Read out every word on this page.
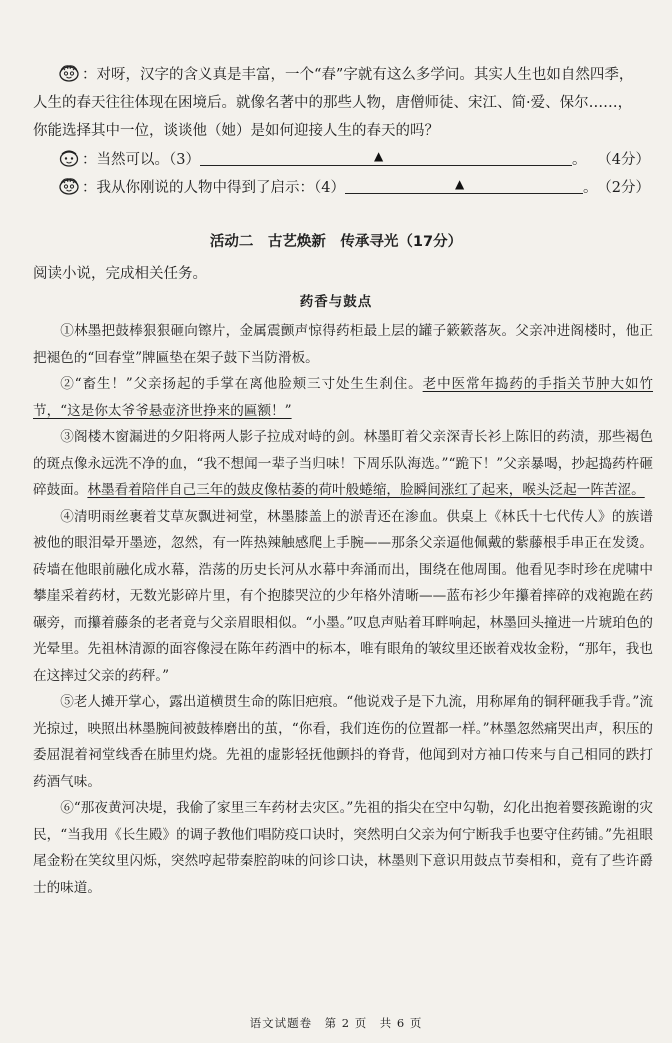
：对呀，汉字的含义真是丰富，一个“春”字就有这么多学问。其实人生也如自然四季，
人生的春天往往体现在困境后。就像名著中的那些人物，唐僧师徒、宋江、简·爱、保尔……，
你能选择其中一位，谈谈他（她）是如何迎接人生的春天的吗？
：当然可以。（3）	▲	。 （4分）
：我从你刚说的人物中得到了启示：（4）	▲	。 （2分）
活动二　古艺焕新　传承寻光（17分）
阅读小说，完成相关任务。
药香与鼓点

①林墨把鼓棒狠狠砸向镲片，金属震颤声惊得药柜最上层的罐子簌簌落灰。父亲冲进阁楼时，他正把褪色的“回春堂”牌匾垫在架子鼓下当防滑板。

②“畜生！”父亲扬起的手掌在离他脸颊三寸处生生刹住。老中医常年捣药的手指关节肿大如竹节，“这是你太爷爷悬壶济世挣来的匾额！”

③阁楼木窗漏进的夕阳将两人影子拉成对峙的剑。林墨盯着父亲深青长衫上陈旧的药渍，那些褐色的斑点像永远洗不净的血，“我不想闻一辈子当归味！下周乐队海选。”“跪下！”父亲暴喝，抄起捣药杵砸碎鼓面。林墨看着陪伴自己三年的鼓皮像枯萎的荷叶般蜷缩，脸瞬间涨红了起来，喉头泛起一阵苦涩。

④清明雨丝裹着艾草灰飘进祠堂，林墨膝盖上的淤青还在渗血。供桌上《林氏十七代传人》的族谱被他的眼泪晕开墨迹，忽然，有一阵热辣触感爬上手腕——那条父亲逼他佩戴的紫藤根手串正在发烫。砖墙在他眼前融化成水幕，浩荡的历史长河从水幕中奔涌而出，围绕在他周围。他看见李时珍在虎啸中攀崖采着药材，无数光影碎片里，有个抱膝哭泣的少年格外清晰——蓝布衫少年攥着摔碎的戏袍跪在药碾旁，而攥着藤条的老者竟与父亲眉眼相似。“小墨。”叹息声贴着耳畔响起，林墨回头撞进一片琥珀色的光晕里。先祖林清源的面容像浸在陈年药酒中的标本，唯有眼角的皱纹里还嵌着戏妆金粉，“那年，我也在这摔过父亲的药秤。”

⑤老人摊开掌心，露出道横贯生命的陈旧疤痕。“他说戏子是下九流，用称犀角的铜秤砸我手背。”流光掠过，映照出林墨腕间被鼓棒磨出的茧，“你看，我们连伤的位置都一样。”林墨忽然痛哭出声，积压的委屈混着祠堂线香在肺里灼烧。先祖的虚影轻抚他颤抖的脊背，他闻到对方袖口传来与自己相同的跌打药酒气味。

⑥“那夜黄河决堤，我偷了家里三车药材去灾区。”先祖的指尖在空中勾勒，幻化出抱着婴孩跪谢的灾民，“当我用《长生殿》的调子教他们唱防疫口诀时，突然明白父亲为何宁断我手也要守住药铺。”先祖眼尾金粉在笑纹里闪烁，突然哼起带秦腔韵味的问诊口诀，林墨则下意识用鼓点节奏相和，竟有了些许爵士的味道。

语文试题卷　第 2 页　共 6 页
